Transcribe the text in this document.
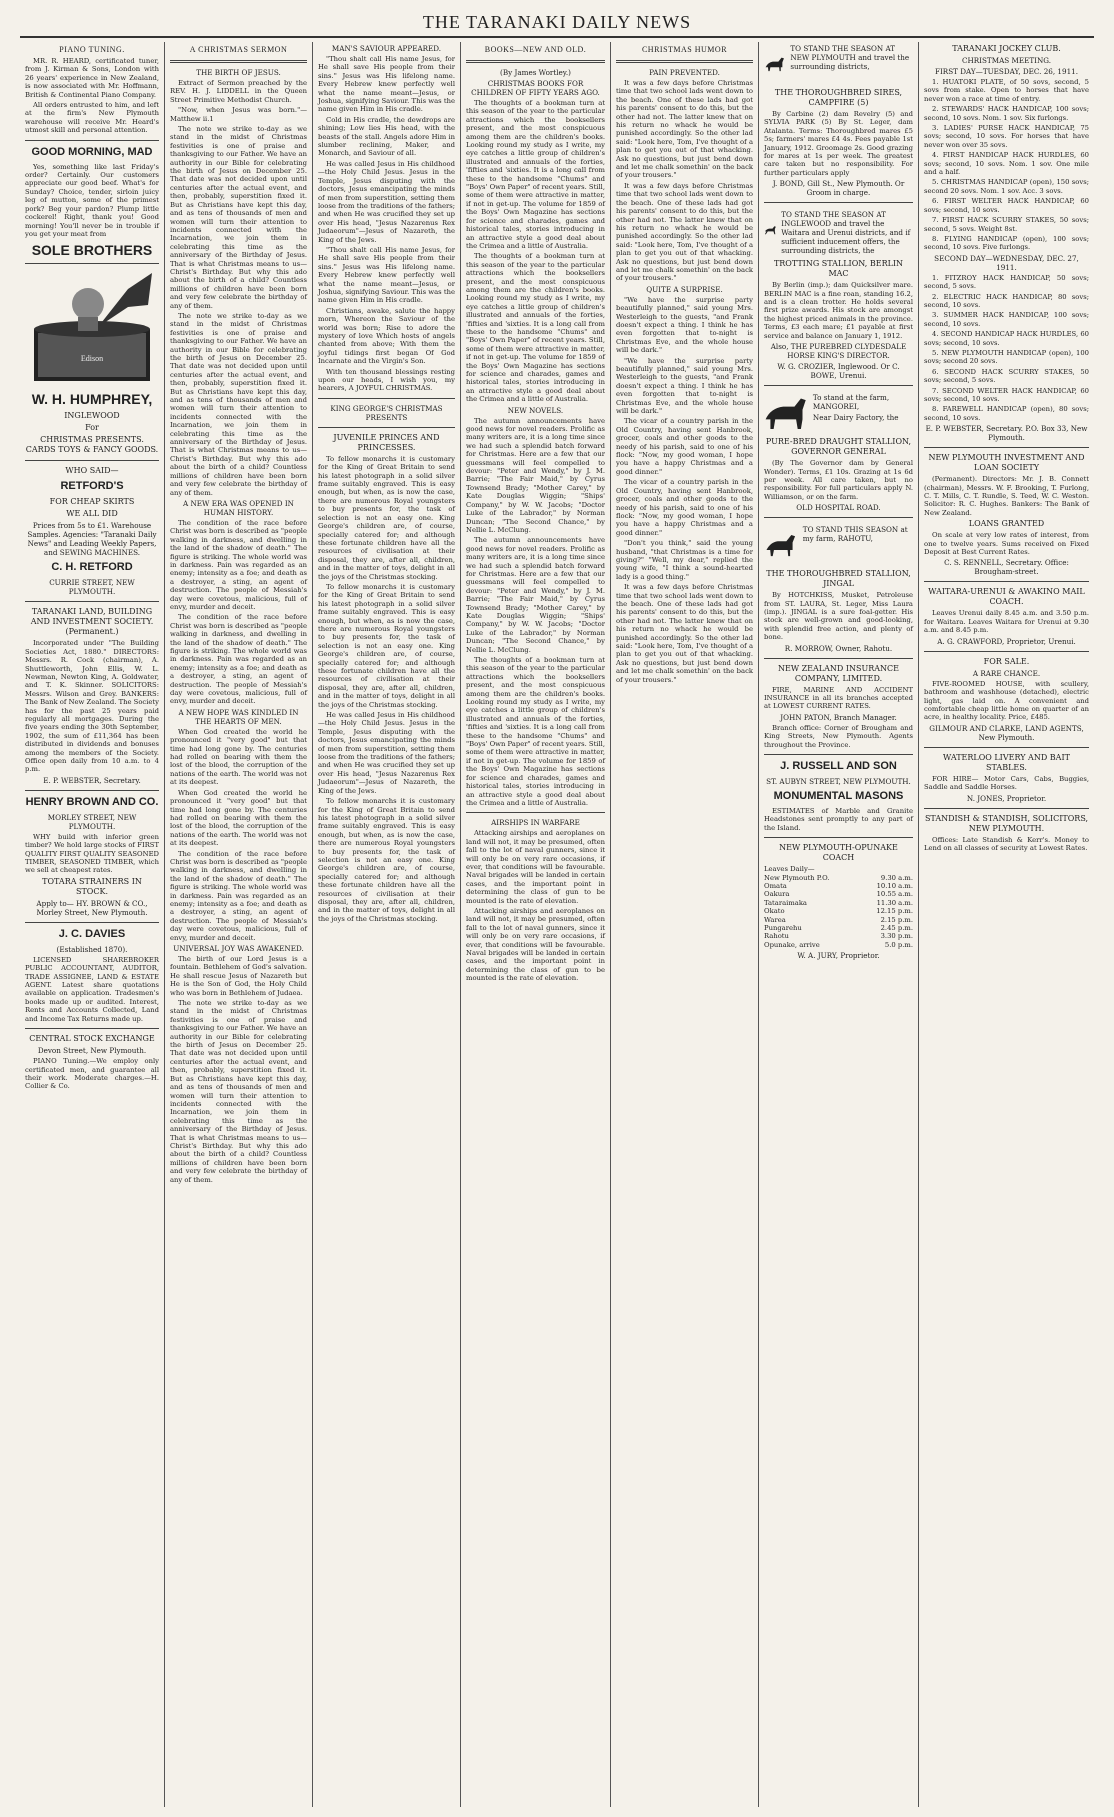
THE TARANAKI DAILY NEWS
PIANO TUNING.
MR. R. HEARD, certificated tuner, from J. Kirman & Sons, London with 26 years' experience in New Zealand, is now associated with Mr. Hoffmann, British & Continental Piano Company.
All orders entrusted to him, and left at the firm's New Plymouth warehouse will receive Mr. Heard's utmost skill and personal attention.
GOOD MORNING, MAD
Yes, something like last Friday's order? Certainly. Our customers appreciate our good beef. What's for Sunday? Choice, tender, sirloin juicy leg of mutton, some of the primest pork? Beg your pardon? Plump little cockerel! Right, thank you! Good morning! You'll never be in trouble if you get your meat from
SOLE BROTHERS
Edison
W. H. HUMPHREY,
INGLEWOOD
For
CHRISTMAS PRESENTS. CARDS TOYS & FANCY GOODS.
WHO SAID—
RETFORD'S
FOR CHEAP SKIRTS
WE ALL DID
Prices from 5s to £1. Warehouse Samples. Agencies: "Taranaki Daily News" and Leading Weekly Papers, and SEWING MACHINES.
C. H. RETFORD
CURRIE STREET, NEW PLYMOUTH.
TARANAKI LAND, BUILDING AND INVESTMENT SOCIETY. (Permanent.)
Incorporated under "The Building Societies Act, 1880." DIRECTORS: Messrs. R. Cock (chairman), A. Shuttleworth, John Ellis, W. L. Newman, Newton King, A. Goldwater, and T. K. Skinner. SOLICITORS: Messrs. Wilson and Grey. BANKERS: The Bank of New Zealand. The Society has for the past 25 years paid regularly all mortgages. During the five years ending the 30th September, 1902, the sum of £11,364 has been distributed in dividends and bonuses among the members of the Society. Office open daily from 10 a.m. to 4 p.m.
E. P. WEBSTER, Secretary.
HENRY BROWN AND CO.
MORLEY STREET, NEW PLYMOUTH.
WHY build with inferior green timber? We hold large stocks of FIRST QUALITY FIRST QUALITY SEASONED TIMBER, SEASONED TIMBER, which we sell at cheapest rates.
TOTARA STRAINERS IN STOCK.
Apply to— HY. BROWN & CO., Morley Street, New Plymouth.
J. C. DAVIES
(Established 1870).
LICENSED SHAREBROKER PUBLIC ACCOUNTANT, AUDITOR, TRADE ASSIGNEE, LAND & ESTATE AGENT. Latest share quotations available on application. Tradesmen's books made up or audited. Interest, Rents and Accounts Collected, Land and Income Tax Returns made up.
CENTRAL STOCK EXCHANGE
Devon Street, New Plymouth.
PIANO Tuning.—We employ only certificated men, and guarantee all their work. Moderate charges.—H. Collier & Co.
A CHRISTMAS SERMON
THE BIRTH OF JESUS.
Extract of Sermon preached by the REV. H. J. LIDDELL in the Queen Street Primitive Methodist Church.
"Now, when Jesus was born."—Matthew ii.1
The note we strike to-day as we stand in the midst of Christmas festivities is one of praise and thanksgiving to our Father. We have an authority in our Bible for celebrating the birth of Jesus on December 25. That date was not decided upon until centuries after the actual event, and then, probably, superstition fixed it. But as Christians have kept this day, and as tens of thousands of men and women will turn their attention to incidents connected with the Incarnation, we join them in celebrating this time as the anniversary of the Birthday of Jesus. That is what Christmas means to us—Christ's Birthday. But why this ado about the birth of a child? Countless millions of children have been born and very few celebrate the birthday of any of them.
The note we strike to-day as we stand in the midst of Christmas festivities is one of praise and thanksgiving to our Father. We have an authority in our Bible for celebrating the birth of Jesus on December 25. That date was not decided upon until centuries after the actual event, and then, probably, superstition fixed it. But as Christians have kept this day, and as tens of thousands of men and women will turn their attention to incidents connected with the Incarnation, we join them in celebrating this time as the anniversary of the Birthday of Jesus. That is what Christmas means to us—Christ's Birthday. But why this ado about the birth of a child? Countless millions of children have been born and very few celebrate the birthday of any of them.
A NEW ERA WAS OPENED IN HUMAN HISTORY.
The condition of the race before Christ was born is described as "people walking in darkness, and dwelling in the land of the shadow of death." The figure is striking. The whole world was in darkness. Pain was regarded as an enemy; intensity as a foe; and death as a destroyer, a sting, an agent of destruction. The people of Messiah's day were covetous, malicious, full of envy, murder and deceit.
The condition of the race before Christ was born is described as "people walking in darkness, and dwelling in the land of the shadow of death." The figure is striking. The whole world was in darkness. Pain was regarded as an enemy; intensity as a foe; and death as a destroyer, a sting, an agent of destruction. The people of Messiah's day were covetous, malicious, full of envy, murder and deceit.
A NEW HOPE WAS KINDLED IN THE HEARTS OF MEN.
When God created the world he pronounced it "very good" but that time had long gone by. The centuries had rolled on bearing with them the lost of the blood, the corruption of the nations of the earth. The world was not at its deepest.
When God created the world he pronounced it "very good" but that time had long gone by. The centuries had rolled on bearing with them the lost of the blood, the corruption of the nations of the earth. The world was not at its deepest.
The condition of the race before Christ was born is described as "people walking in darkness, and dwelling in the land of the shadow of death." The figure is striking. The whole world was in darkness. Pain was regarded as an enemy; intensity as a foe; and death as a destroyer, a sting, an agent of destruction. The people of Messiah's day were covetous, malicious, full of envy, murder and deceit.
UNIVERSAL JOY WAS AWAKENED.
The birth of our Lord Jesus is a fountain. Bethlehem of God's salvation. He shall rescue Jesus of Nazareth but He is the Son of God, the Holy Child who was born in Bethlehem of Judaea.
The note we strike to-day as we stand in the midst of Christmas festivities is one of praise and thanksgiving to our Father. We have an authority in our Bible for celebrating the birth of Jesus on December 25. That date was not decided upon until centuries after the actual event, and then, probably, superstition fixed it. But as Christians have kept this day, and as tens of thousands of men and women will turn their attention to incidents connected with the Incarnation, we join them in celebrating this time as the anniversary of the Birthday of Jesus. That is what Christmas means to us—Christ's Birthday. But why this ado about the birth of a child? Countless millions of children have been born and very few celebrate the birthday of any of them.
MAN'S SAVIOUR APPEARED.
"Thou shalt call His name Jesus, for He shall save His people from their sins." Jesus was His lifelong name. Every Hebrew knew perfectly well what the name meant—Jesus, or Joshua, signifying Saviour. This was the name given Him in His cradle.
Cold in His cradle, the dewdrops are shining; Low lies His head, with the beasts of the stall. Angels adore Him in slumber reclining, Maker, and Monarch, and Saviour of all.
He was called Jesus in His childhood—the Holy Child Jesus. Jesus in the Temple, Jesus disputing with the doctors, Jesus emancipating the minds of men from superstition, setting them loose from the traditions of the fathers; and when He was crucified they set up over His head, "Jesus Nazarenus Rex Judaeorum"—Jesus of Nazareth, the King of the Jews.
"Thou shalt call His name Jesus, for He shall save His people from their sins." Jesus was His lifelong name. Every Hebrew knew perfectly well what the name meant—Jesus, or Joshua, signifying Saviour. This was the name given Him in His cradle.
Christians, awake, salute the happy morn, Whereon the Saviour of the world was born; Rise to adore the mystery of love Which hosts of angels chanted from above; With them the joyful tidings first began Of God Incarnate and the Virgin's Son.
With ten thousand blessings resting upon our heads, I wish you, my hearers, A JOYFUL CHRISTMAS.
KING GEORGE'S CHRISTMAS PRESENTS
JUVENILE PRINCES AND PRINCESSES.
To fellow monarchs it is customary for the King of Great Britain to send his latest photograph in a solid silver frame suitably engraved. This is easy enough, but when, as is now the case, there are numerous Royal youngsters to buy presents for, the task of selection is not an easy one. King George's children are, of course, specially catered for; and although these fortunate children have all the resources of civilisation at their disposal, they are, after all, children, and in the matter of toys, delight in all the joys of the Christmas stocking.
To fellow monarchs it is customary for the King of Great Britain to send his latest photograph in a solid silver frame suitably engraved. This is easy enough, but when, as is now the case, there are numerous Royal youngsters to buy presents for, the task of selection is not an easy one. King George's children are, of course, specially catered for; and although these fortunate children have all the resources of civilisation at their disposal, they are, after all, children, and in the matter of toys, delight in all the joys of the Christmas stocking.
He was called Jesus in His childhood—the Holy Child Jesus. Jesus in the Temple, Jesus disputing with the doctors, Jesus emancipating the minds of men from superstition, setting them loose from the traditions of the fathers; and when He was crucified they set up over His head, "Jesus Nazarenus Rex Judaeorum"—Jesus of Nazareth, the King of the Jews.
To fellow monarchs it is customary for the King of Great Britain to send his latest photograph in a solid silver frame suitably engraved. This is easy enough, but when, as is now the case, there are numerous Royal youngsters to buy presents for, the task of selection is not an easy one. King George's children are, of course, specially catered for; and although these fortunate children have all the resources of civilisation at their disposal, they are, after all, children, and in the matter of toys, delight in all the joys of the Christmas stocking.
BOOKS—NEW AND OLD.
(By James Wortley.)
CHRISTMAS BOOKS FOR CHILDREN OF FIFTY YEARS AGO.
The thoughts of a bookman turn at this season of the year to the particular attractions which the booksellers present, and the most conspicuous among them are the children's books. Looking round my study as I write, my eye catches a little group of children's illustrated and annuals of the forties, 'fifties and 'sixties. It is a long call from these to the handsome "Chums" and "Boys' Own Paper" of recent years. Still, some of them were attractive in matter, if not in get-up. The volume for 1859 of the Boys' Own Magazine has sections for science and charades, games and historical tales, stories introducing in an attractive style a good deal about the Crimea and a little of Australia.
The thoughts of a bookman turn at this season of the year to the particular attractions which the booksellers present, and the most conspicuous among them are the children's books. Looking round my study as I write, my eye catches a little group of children's illustrated and annuals of the forties, 'fifties and 'sixties. It is a long call from these to the handsome "Chums" and "Boys' Own Paper" of recent years. Still, some of them were attractive in matter, if not in get-up. The volume for 1859 of the Boys' Own Magazine has sections for science and charades, games and historical tales, stories introducing in an attractive style a good deal about the Crimea and a little of Australia.
NEW NOVELS.
The autumn announcements have good news for novel readers. Prolific as many writers are, it is a long time since we had such a splendid batch forward for Christmas. Here are a few that our guessmans will feel compelled to devour: "Peter and Wendy," by J. M. Barrie; "The Fair Maid," by Cyrus Townsend Brady; "Mother Carey," by Kate Douglas Wiggin; "Ships' Company," by W. W. Jacobs; "Doctor Luke of the Labrador," by Norman Duncan; "The Second Chance," by Nellie L. McClung.
The autumn announcements have good news for novel readers. Prolific as many writers are, it is a long time since we had such a splendid batch forward for Christmas. Here are a few that our guessmans will feel compelled to devour: "Peter and Wendy," by J. M. Barrie; "The Fair Maid," by Cyrus Townsend Brady; "Mother Carey," by Kate Douglas Wiggin; "Ships' Company," by W. W. Jacobs; "Doctor Luke of the Labrador," by Norman Duncan; "The Second Chance," by Nellie L. McClung.
The thoughts of a bookman turn at this season of the year to the particular attractions which the booksellers present, and the most conspicuous among them are the children's books. Looking round my study as I write, my eye catches a little group of children's illustrated and annuals of the forties, 'fifties and 'sixties. It is a long call from these to the handsome "Chums" and "Boys' Own Paper" of recent years. Still, some of them were attractive in matter, if not in get-up. The volume for 1859 of the Boys' Own Magazine has sections for science and charades, games and historical tales, stories introducing in an attractive style a good deal about the Crimea and a little of Australia.
AIRSHIPS IN WARFARE
Attacking airships and aeroplanes on land will not, it may be presumed, often fall to the lot of naval gunners, since it will only be on very rare occasions, if ever, that conditions will be favourable. Naval brigades will be landed in certain cases, and the important point in determining the class of gun to be mounted is the rate of elevation.
Attacking airships and aeroplanes on land will not, it may be presumed, often fall to the lot of naval gunners, since it will only be on very rare occasions, if ever, that conditions will be favourable. Naval brigades will be landed in certain cases, and the important point in determining the class of gun to be mounted is the rate of elevation.
CHRISTMAS HUMOR
PAIN PREVENTED.
It was a few days before Christmas time that two school lads went down to the beach. One of these lads had got his parents' consent to do this, but the other had not. The latter knew that on his return no whack he would be punished accordingly. So the other lad said: "Look here, Tom, I've thought of a plan to get you out of that whacking. Ask no questions, but just bend down and let me chalk somethin' on the back of your trousers."
It was a few days before Christmas time that two school lads went down to the beach. One of these lads had got his parents' consent to do this, but the other had not. The latter knew that on his return no whack he would be punished accordingly. So the other lad said: "Look here, Tom, I've thought of a plan to get you out of that whacking. Ask no questions, but just bend down and let me chalk somethin' on the back of your trousers."
QUITE A SURPRISE.
"We have the surprise party beautifully planned," said young Mrs. Westerleigh to the guests, "and Frank doesn't expect a thing. I think he has even forgotten that to-night is Christmas Eve, and the whole house will be dark."
"We have the surprise party beautifully planned," said young Mrs. Westerleigh to the guests, "and Frank doesn't expect a thing. I think he has even forgotten that to-night is Christmas Eve, and the whole house will be dark."
The vicar of a country parish in the Old Country, having sent Hanbrook, grocer, coals and other goods to the needy of his parish, said to one of his flock: "Now, my good woman, I hope you have a happy Christmas and a good dinner."
The vicar of a country parish in the Old Country, having sent Hanbrook, grocer, coals and other goods to the needy of his parish, said to one of his flock: "Now, my good woman, I hope you have a happy Christmas and a good dinner."
"Don't you think," said the young husband, "that Christmas is a time for giving?" "Well, my dear," replied the young wife, "I think a sound-hearted lady is a good thing."
It was a few days before Christmas time that two school lads went down to the beach. One of these lads had got his parents' consent to do this, but the other had not. The latter knew that on his return no whack he would be punished accordingly. So the other lad said: "Look here, Tom, I've thought of a plan to get you out of that whacking. Ask no questions, but just bend down and let me chalk somethin' on the back of your trousers."
TO STAND THE SEASON AT NEW PLYMOUTH and travel the surrounding districts,
THE THOROUGHBRED SIRES, CAMPFIRE (5)
By Carbine (2) dam Revelry (5) and SYLVIA PARK (5) By St. Leger, dam Atalanta. Terms: Thoroughbred mares £5 5s; farmers' mares £4 4s. Fees payable 1st January, 1912. Groomage 2s. Good grazing for mares at 1s per week. The greatest care taken but no responsibility. For further particulars apply
J. BOND, Gill St., New Plymouth. Or Groom in charge.
TO STAND THE SEASON AT INGLEWOOD and travel the Waitara and Urenui districts, and if sufficient inducement offers, the surrounding districts, the
TROTTING STALLION, BERLIN MAC
By Berlin (imp.); dam Quicksilver mare. BERLIN MAC is a fine roan, standing 16.2, and is a clean trotter. He holds several first prize awards. His stock are amongst the highest priced animals in the province. Terms, £3 each mare; £1 payable at first service and balance on January 1, 1912.
Also, THE PUREBRED CLYDESDALE HORSE KING'S DIRECTOR.
W. G. CROZIER, Inglewood. Or C. BOWE, Urenui.
To stand at the farm, MANGOREI,
Near Dairy Factory, the
PURE-BRED DRAUGHT STALLION, GOVERNOR GENERAL
(By The Governor dam by General Wonder). Terms, £1 10s. Grazing at 1s 6d per week. All care taken, but no responsibility. For full particulars apply N. Williamson, or on the farm.
OLD HOSPITAL ROAD.
TO STAND THIS SEASON at my farm, RAHOTU,
THE THOROUGHBRED STALLION, JINGAL
By HOTCHKISS, Musket, Petroleuse from ST. LAURA, St. Leger, Miss Laura (imp.). JINGAL is a sure foal-getter. His stock are well-grown and good-looking, with splendid free action, and plenty of bone.
R. MORROW, Owner, Rahotu.
NEW ZEALAND INSURANCE COMPANY, LIMITED.
FIRE, MARINE AND ACCIDENT INSURANCE in all its branches accepted at LOWEST CURRENT RATES.
JOHN PATON, Branch Manager.
Branch office: Corner of Brougham and King Streets, New Plymouth. Agents throughout the Province.
J. RUSSELL AND SON
ST. AUBYN STREET, NEW PLYMOUTH.
MONUMENTAL MASONS
ESTIMATES of Marble and Granite Headstones sent promptly to any part of the Island.
NEW PLYMOUTH-OPUNAKE COACH
Leaves Daily—
New Plymouth P.O.	9.30 a.m.
Omata	10.10 a.m.
Oakura	10.55 a.m.
Tataraimaka	11.30 a.m.
Okato	12.15 p.m.
Warea	2.15 p.m.
Pungarehu	2.45 p.m.
Rahotu	3.30 p.m.
Opunake, arrive	5.0 p.m.
W. A. JURY, Proprietor.
TARANAKI JOCKEY CLUB.
CHRISTMAS MEETING.
FIRST DAY—TUESDAY, DEC. 26, 1911.
1. HUATOKI PLATE, of 50 sovs, second, 5 sovs from stake. Open to horses that have never won a race at time of entry.
2. STEWARDS' HACK HANDICAP, 100 sovs; second, 10 sovs. Nom. 1 sov. Six furlongs.
3. LADIES' PURSE HACK HANDICAP, 75 sovs; second, 10 sovs. For horses that have never won over 35 sovs.
4. FIRST HANDICAP HACK HURDLES, 60 sovs; second, 10 sovs. Nom. 1 sov. One mile and a half.
5. CHRISTMAS HANDICAP (open), 150 sovs; second 20 sovs. Nom. 1 sov. Acc. 3 sovs.
6. FIRST WELTER HACK HANDICAP, 60 sovs; second, 10 sovs.
7. FIRST HACK SCURRY STAKES, 50 sovs; second, 5 sovs. Weight 8st.
8. FLYING HANDICAP (open), 100 sovs; second, 10 sovs. Five furlongs.
SECOND DAY—WEDNESDAY, DEC. 27, 1911.
1. FITZROY HACK HANDICAP, 50 sovs; second, 5 sovs.
2. ELECTRIC HACK HANDICAP, 80 sovs; second, 10 sovs.
3. SUMMER HACK HANDICAP, 100 sovs; second, 10 sovs.
4. SECOND HANDICAP HACK HURDLES, 60 sovs; second, 10 sovs.
5. NEW PLYMOUTH HANDICAP (open), 100 sovs; second 20 sovs.
6. SECOND HACK SCURRY STAKES, 50 sovs; second, 5 sovs.
7. SECOND WELTER HACK HANDICAP, 60 sovs; second, 10 sovs.
8. FAREWELL HANDICAP (open), 80 sovs; second, 10 sovs.
E. P. WEBSTER, Secretary. P.O. Box 33, New Plymouth.
NEW PLYMOUTH INVESTMENT AND LOAN SOCIETY
(Permanent). Directors: Mr. J. B. Connett (chairman), Messrs. W. F. Brooking, T. Furlong, C. T. Mills, C. T. Rundle, S. Teed, W. C. Weston. Solicitor: R. C. Hughes. Bankers: The Bank of New Zealand.
LOANS GRANTED
On scale at very low rates of interest, from one to twelve years. Sums received on Fixed Deposit at Best Current Rates.
C. S. RENNELL, Secretary. Office: Brougham-street.
WAITARA-URENUI & AWAKINO MAIL COACH.
Leaves Urenui daily 8.45 a.m. and 3.50 p.m. for Waitara. Leaves Waitara for Urenui at 9.30 a.m. and 8.45 p.m.
A. G. CRAWFORD, Proprietor, Urenui.
FOR SALE.
A RARE CHANCE.
FIVE-ROOMED HOUSE, with scullery, bathroom and washhouse (detached), electric light, gas laid on. A convenient and comfortable cheap little home on quarter of an acre, in healthy locality. Price, £485.
GILMOUR AND CLARKE, LAND AGENTS, New Plymouth.
WATERLOO LIVERY AND BAIT STABLES.
FOR HIRE— Motor Cars, Cabs, Buggies, Saddle and Saddle Horses.
N. JONES, Proprietor.
STANDISH & STANDISH, SOLICITORS, NEW PLYMOUTH.
Offices: Late Standish & Kerr's. Money to Lend on all classes of security at Lowest Rates.
